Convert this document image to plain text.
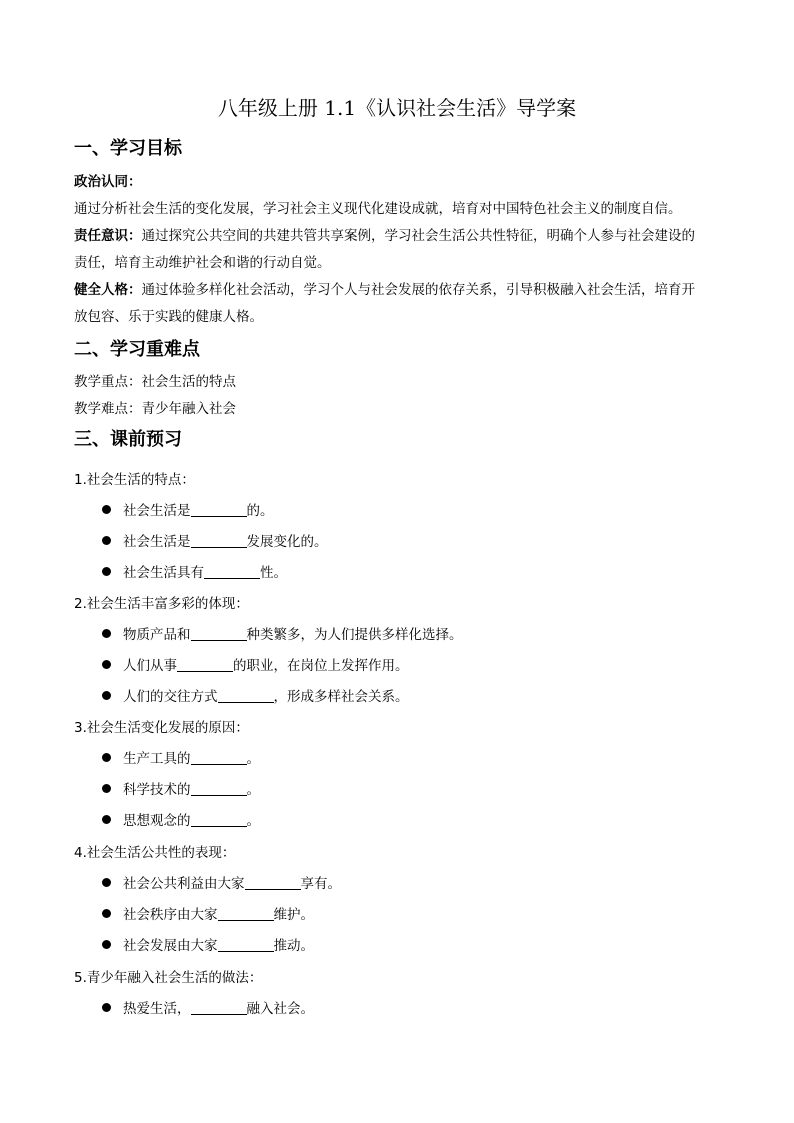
八年级上册 1.1《认识社会生活》导学案
一、学习目标
政治认同：
通过分析社会生活的变化发展，学习社会主义现代化建设成就，培育对中国特色社会主义的制度自信。
责任意识：通过探究公共空间的共建共管共享案例，学习社会生活公共性特征，明确个人参与社会建设的
责任，培育主动维护社会和谐的行动自觉。
健全人格：通过体验多样化社会活动，学习个人与社会发展的依存关系，引导积极融入社会生活，培育开
放包容、乐于实践的健康人格。
二、学习重难点
教学重点：社会生活的特点
教学难点：青少年融入社会
三、课前预习
1.社会生活的特点：
社会生活是	的。
社会生活是	发展变化的。
社会生活具有	性。
2.社会生活丰富多彩的体现：
物质产品和	种类繁多，为人们提供多样化选择。
人们从事	的职业，在岗位上发挥作用。
人们的交往方式	，形成多样社会关系。
3.社会生活变化发展的原因：
生产工具的	。
科学技术的	。
思想观念的	。
4.社会生活公共性的表现：
社会公共利益由大家	享有。
社会秩序由大家	维护。
社会发展由大家	推动。
5.青少年融入社会生活的做法：
热爱生活，	融入社会。
